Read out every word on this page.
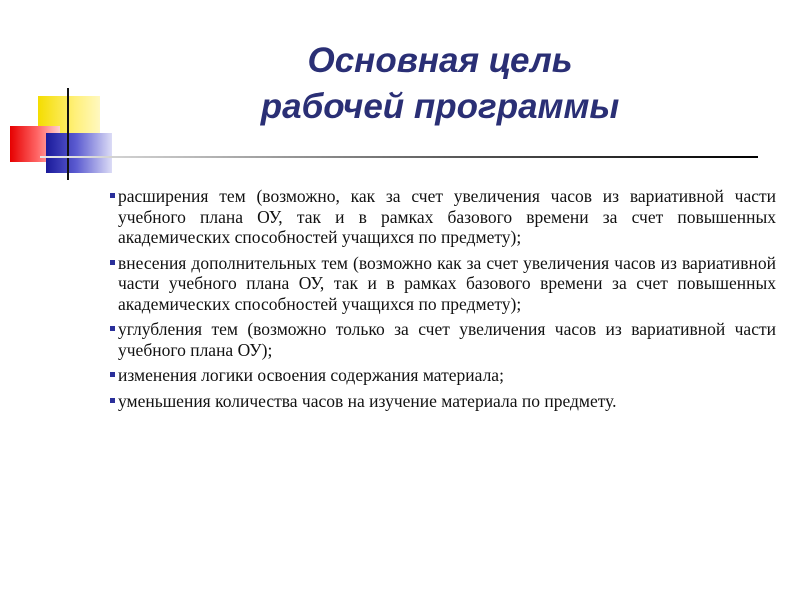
Основная цель
рабочей программы
расширения тем (возможно, как за счет увеличения часов из вариативной части учебного плана ОУ, так и в рамках базового времени за счет повышенных академических способностей учащихся по предмету);
внесения дополнительных тем (возможно как за счет увеличения часов из вариативной части учебного плана ОУ, так и в рамках базового времени за счет повышенных академических способностей учащихся по предмету);
углубления тем (возможно только за счет увеличения часов из вариативной части учебного плана ОУ);
изменения логики освоения содержания материала;
уменьшения количества часов на изучение материала по предмету.
